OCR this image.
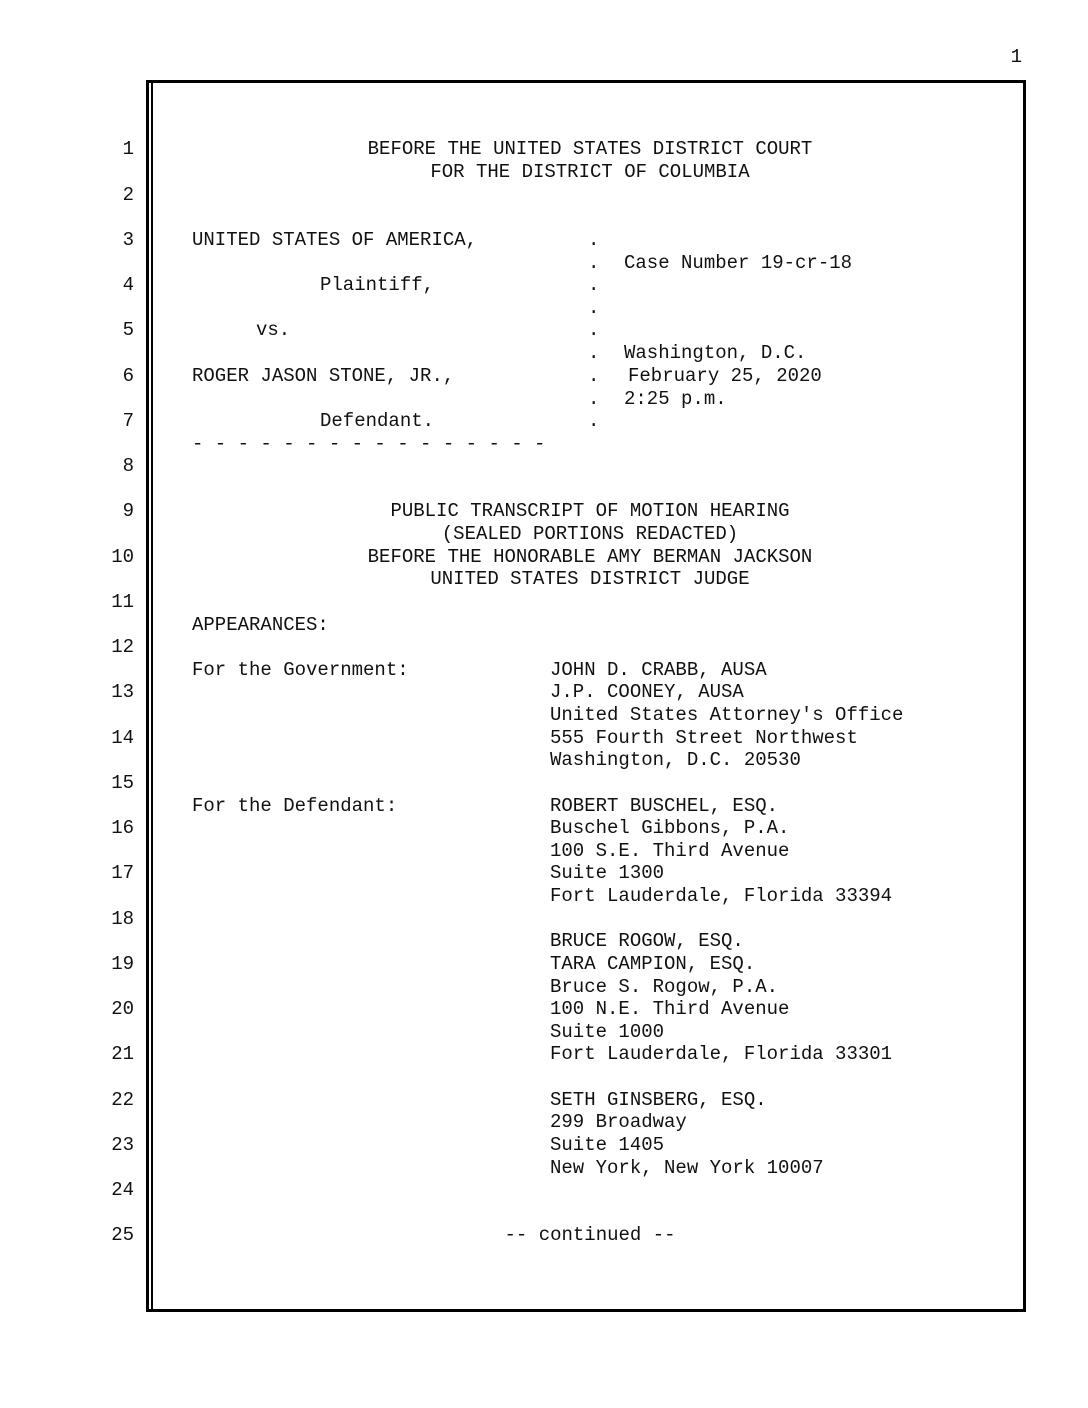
1
1
2
3
4
5
6
7
8
9
10
11
12
13
14
15
16
17
18
19
20
21
22
23
24
25
BEFORE THE UNITED STATES DISTRICT COURT
FOR THE DISTRICT OF COLUMBIA
UNITED STATES OF AMERICA,
Plaintiff,
vs.
ROGER JASON STONE, JR.,
Defendant.
- - - - - - - - - - - - - - - -
.
.
.
.
.
.
.
.
.
Case Number 19-cr-18
Washington, D.C.
February 25, 2020
2:25 p.m.
PUBLIC TRANSCRIPT OF MOTION HEARING
(SEALED PORTIONS REDACTED)
BEFORE THE HONORABLE AMY BERMAN JACKSON
UNITED STATES DISTRICT JUDGE
APPEARANCES:
For the Government:	JOHN D. CRABB, AUSA
J.P. COONEY, AUSA
United States Attorney's Office
555 Fourth Street Northwest
Washington, D.C. 20530
For the Defendant:	ROBERT BUSCHEL, ESQ.
Buschel Gibbons, P.A.
100 S.E. Third Avenue
Suite 1300
Fort Lauderdale, Florida 33394
BRUCE ROGOW, ESQ.
TARA CAMPION, ESQ.
Bruce S. Rogow, P.A.
100 N.E. Third Avenue
Suite 1000
Fort Lauderdale, Florida 33301
SETH GINSBERG, ESQ.
299 Broadway
Suite 1405
New York, New York 10007
-- continued --
